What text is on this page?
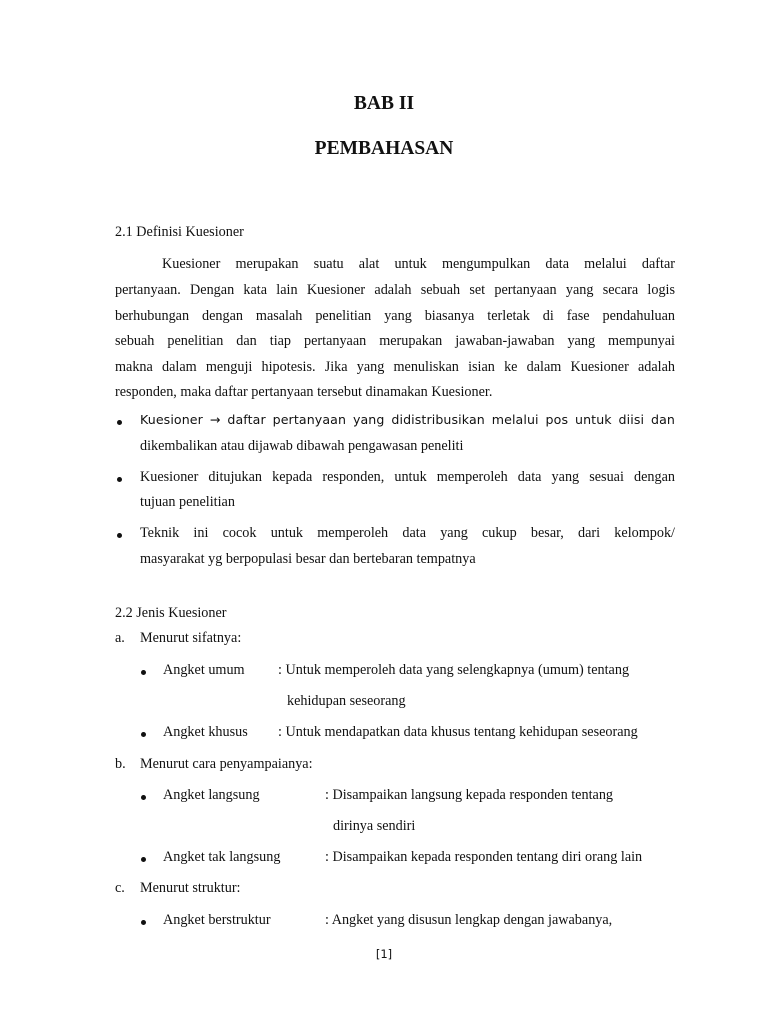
BAB II
PEMBAHASAN
2.1 Definisi Kuesioner
Kuesioner merupakan suatu alat untuk mengumpulkan data melalui daftar
pertanyaan. Dengan kata lain Kuesioner adalah sebuah set pertanyaan yang secara logis
berhubungan dengan masalah penelitian yang biasanya terletak di fase pendahuluan
sebuah penelitian dan tiap pertanyaan merupakan jawaban-jawaban yang mempunyai
makna dalam menguji hipotesis. Jika yang menuliskan isian ke dalam Kuesioner adalah
responden, maka daftar pertanyaan tersebut dinamakan Kuesioner.
Kuesioner → daftar pertanyaan yang didistribusikan melalui pos untuk diisi dan
dikembalikan atau dijawab dibawah pengawasan peneliti
Kuesioner ditujukan kepada responden, untuk memperoleh data yang sesuai dengan
tujuan penelitian
Teknik ini cocok untuk memperoleh data yang cukup besar, dari kelompok/
masyarakat yg berpopulasi besar dan bertebaran tempatnya
2.2 Jenis Kuesioner
a. Menurut sifatnya:
Angket umum : Untuk memperoleh data yang selengkapnya (umum) tentang
kehidupan seseorang
Angket khusus : Untuk mendapatkan data khusus tentang kehidupan seseorang
b. Menurut cara penyampaianya:
Angket langsung	: Disampaikan langsung kepada responden tentang
dirinya sendiri
Angket tak langsung	: Disampaikan kepada responden tentang diri orang lain
c. Menurut struktur:
Angket berstruktur	: Angket yang disusun lengkap dengan jawabanya,
[1]
